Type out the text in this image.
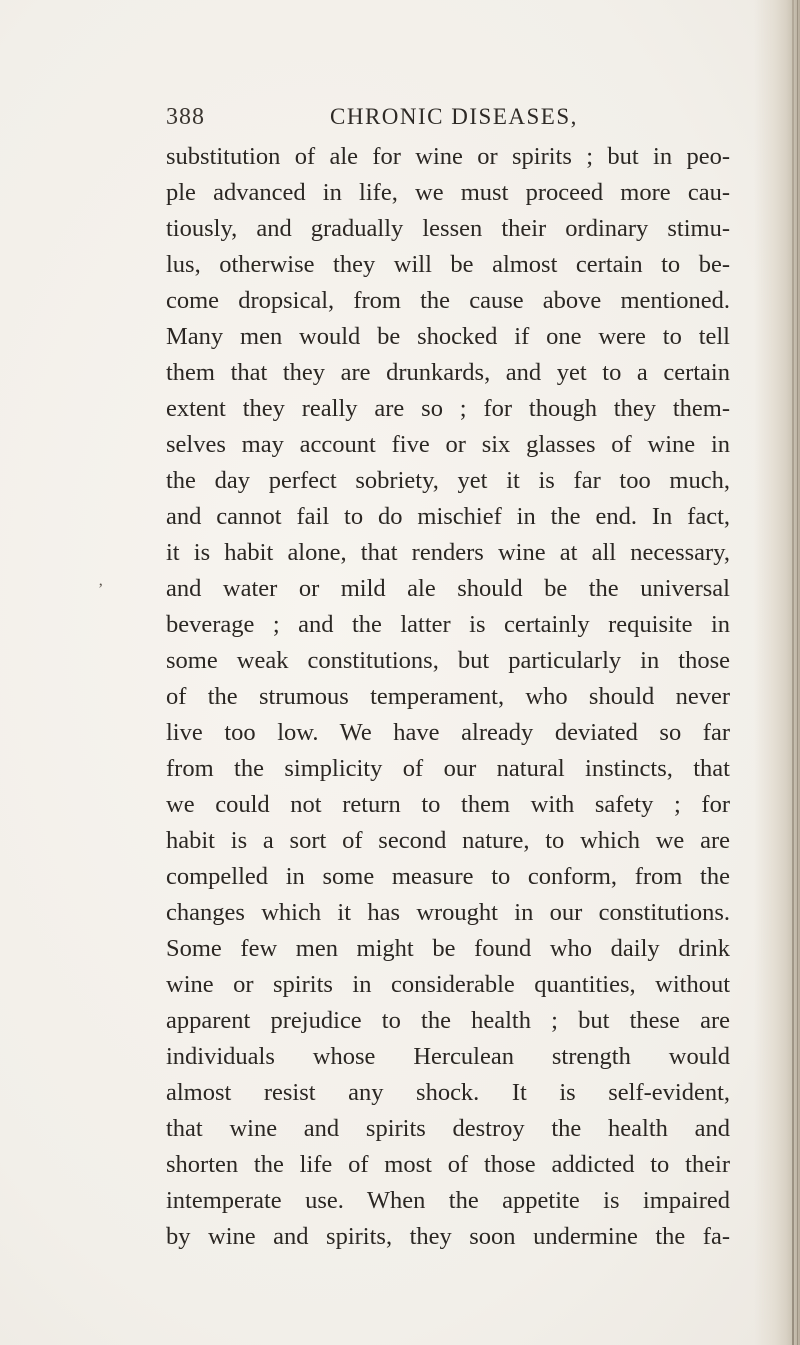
388	CHRONIC DISEASES,
‚
substitution of ale for wine or spirits ; but in peo-
ple advanced in life, we must proceed more cau-
tiously, and gradually lessen their ordinary stimu-
lus, otherwise they will be almost certain to be-
come dropsical, from the cause above mentioned.
Many men would be shocked if one were to tell
them that they are drunkards, and yet to a certain
extent they really are so ; for though they them-
selves may account five or six glasses of wine in
the day perfect sobriety, yet it is far too much,
and cannot fail to do mischief in the end. In fact,
it is habit alone, that renders wine at all necessary,
and water or mild ale should be the universal
beverage ; and the latter is certainly requisite in
some weak constitutions, but particularly in those
of the strumous temperament, who should never
live too low. We have already deviated so far
from the simplicity of our natural instincts, that
we could not return to them with safety ; for
habit is a sort of second nature, to which we are
compelled in some measure to conform, from the
changes which it has wrought in our constitutions.
Some few men might be found who daily drink
wine or spirits in considerable quantities, without
apparent prejudice to the health ; but these are
individuals whose Herculean strength would
almost resist any shock. It is self-evident,
that wine and spirits destroy the health and
shorten the life of most of those addicted to their
intemperate use. When the appetite is impaired
by wine and spirits, they soon undermine the fa-
